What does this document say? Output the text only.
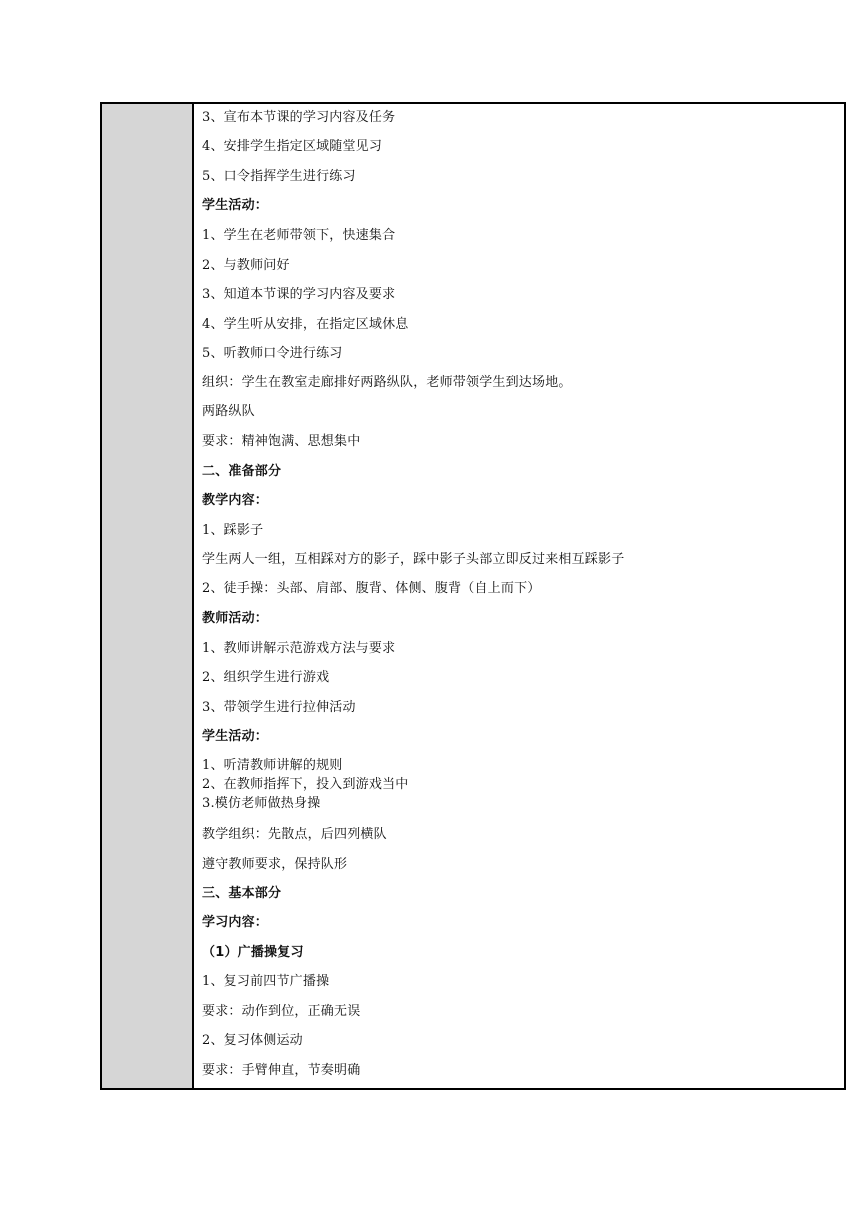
3、宣布本节课的学习内容及任务
4、安排学生指定区域随堂见习
5、口令指挥学生进行练习
学生活动：
1、学生在老师带领下，快速集合
2、与教师问好
3、知道本节课的学习内容及要求
4、学生听从安排，在指定区域休息
5、听教师口令进行练习
组织：学生在教室走廊排好两路纵队，老师带领学生到达场地。
两路纵队
要求：精神饱满、思想集中
二、准备部分
教学内容：
1、踩影子
学生两人一组，互相踩对方的影子，踩中影子头部立即反过来相互踩影子
2、徒手操：头部、肩部、腹背、体侧、腹背（自上而下）
教师活动：
1、教师讲解示范游戏方法与要求
2、组织学生进行游戏
3、带领学生进行拉伸活动
学生活动：
1、听清教师讲解的规则
2、在教师指挥下，投入到游戏当中
3.模仿老师做热身操
教学组织：先散点，后四列横队
遵守教师要求，保持队形
三、基本部分
学习内容：
（1）广播操复习
1、复习前四节广播操
要求：动作到位，正确无误
2、复习体侧运动
要求：手臂伸直，节奏明确
